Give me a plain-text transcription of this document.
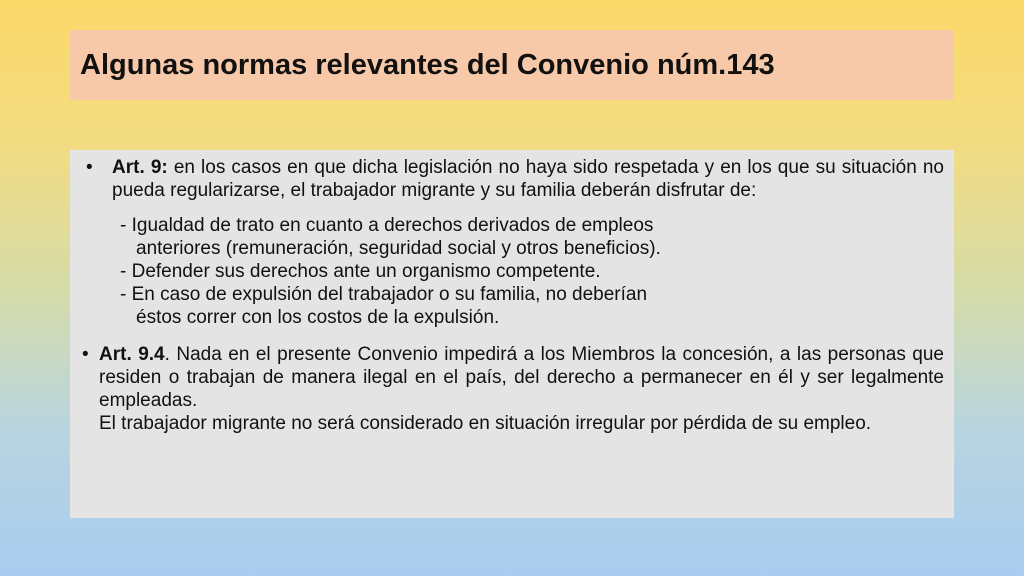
Algunas normas relevantes del Convenio núm.143
• Art. 9: en los casos en que dicha legislación no haya sido respetada y en los que su situación no pueda regularizarse, el trabajador migrante y su familia deberán disfrutar de:

- Igualdad de trato en cuanto a derechos derivados de empleos
anteriores (remuneración, seguridad social y otros beneficios).
- Defender sus derechos ante un organismo competente.
- En caso de expulsión del trabajador o su familia, no deberían
éstos correr con los costos de la expulsión.
• Art. 9.4. Nada en el presente Convenio impedirá a los Miembros la concesión, a las personas que residen o trabajan de manera ilegal en el país, del derecho a permanecer en él y ser legalmente empleadas.

El trabajador migrante no será considerado en situación irregular por pérdida de su empleo.
